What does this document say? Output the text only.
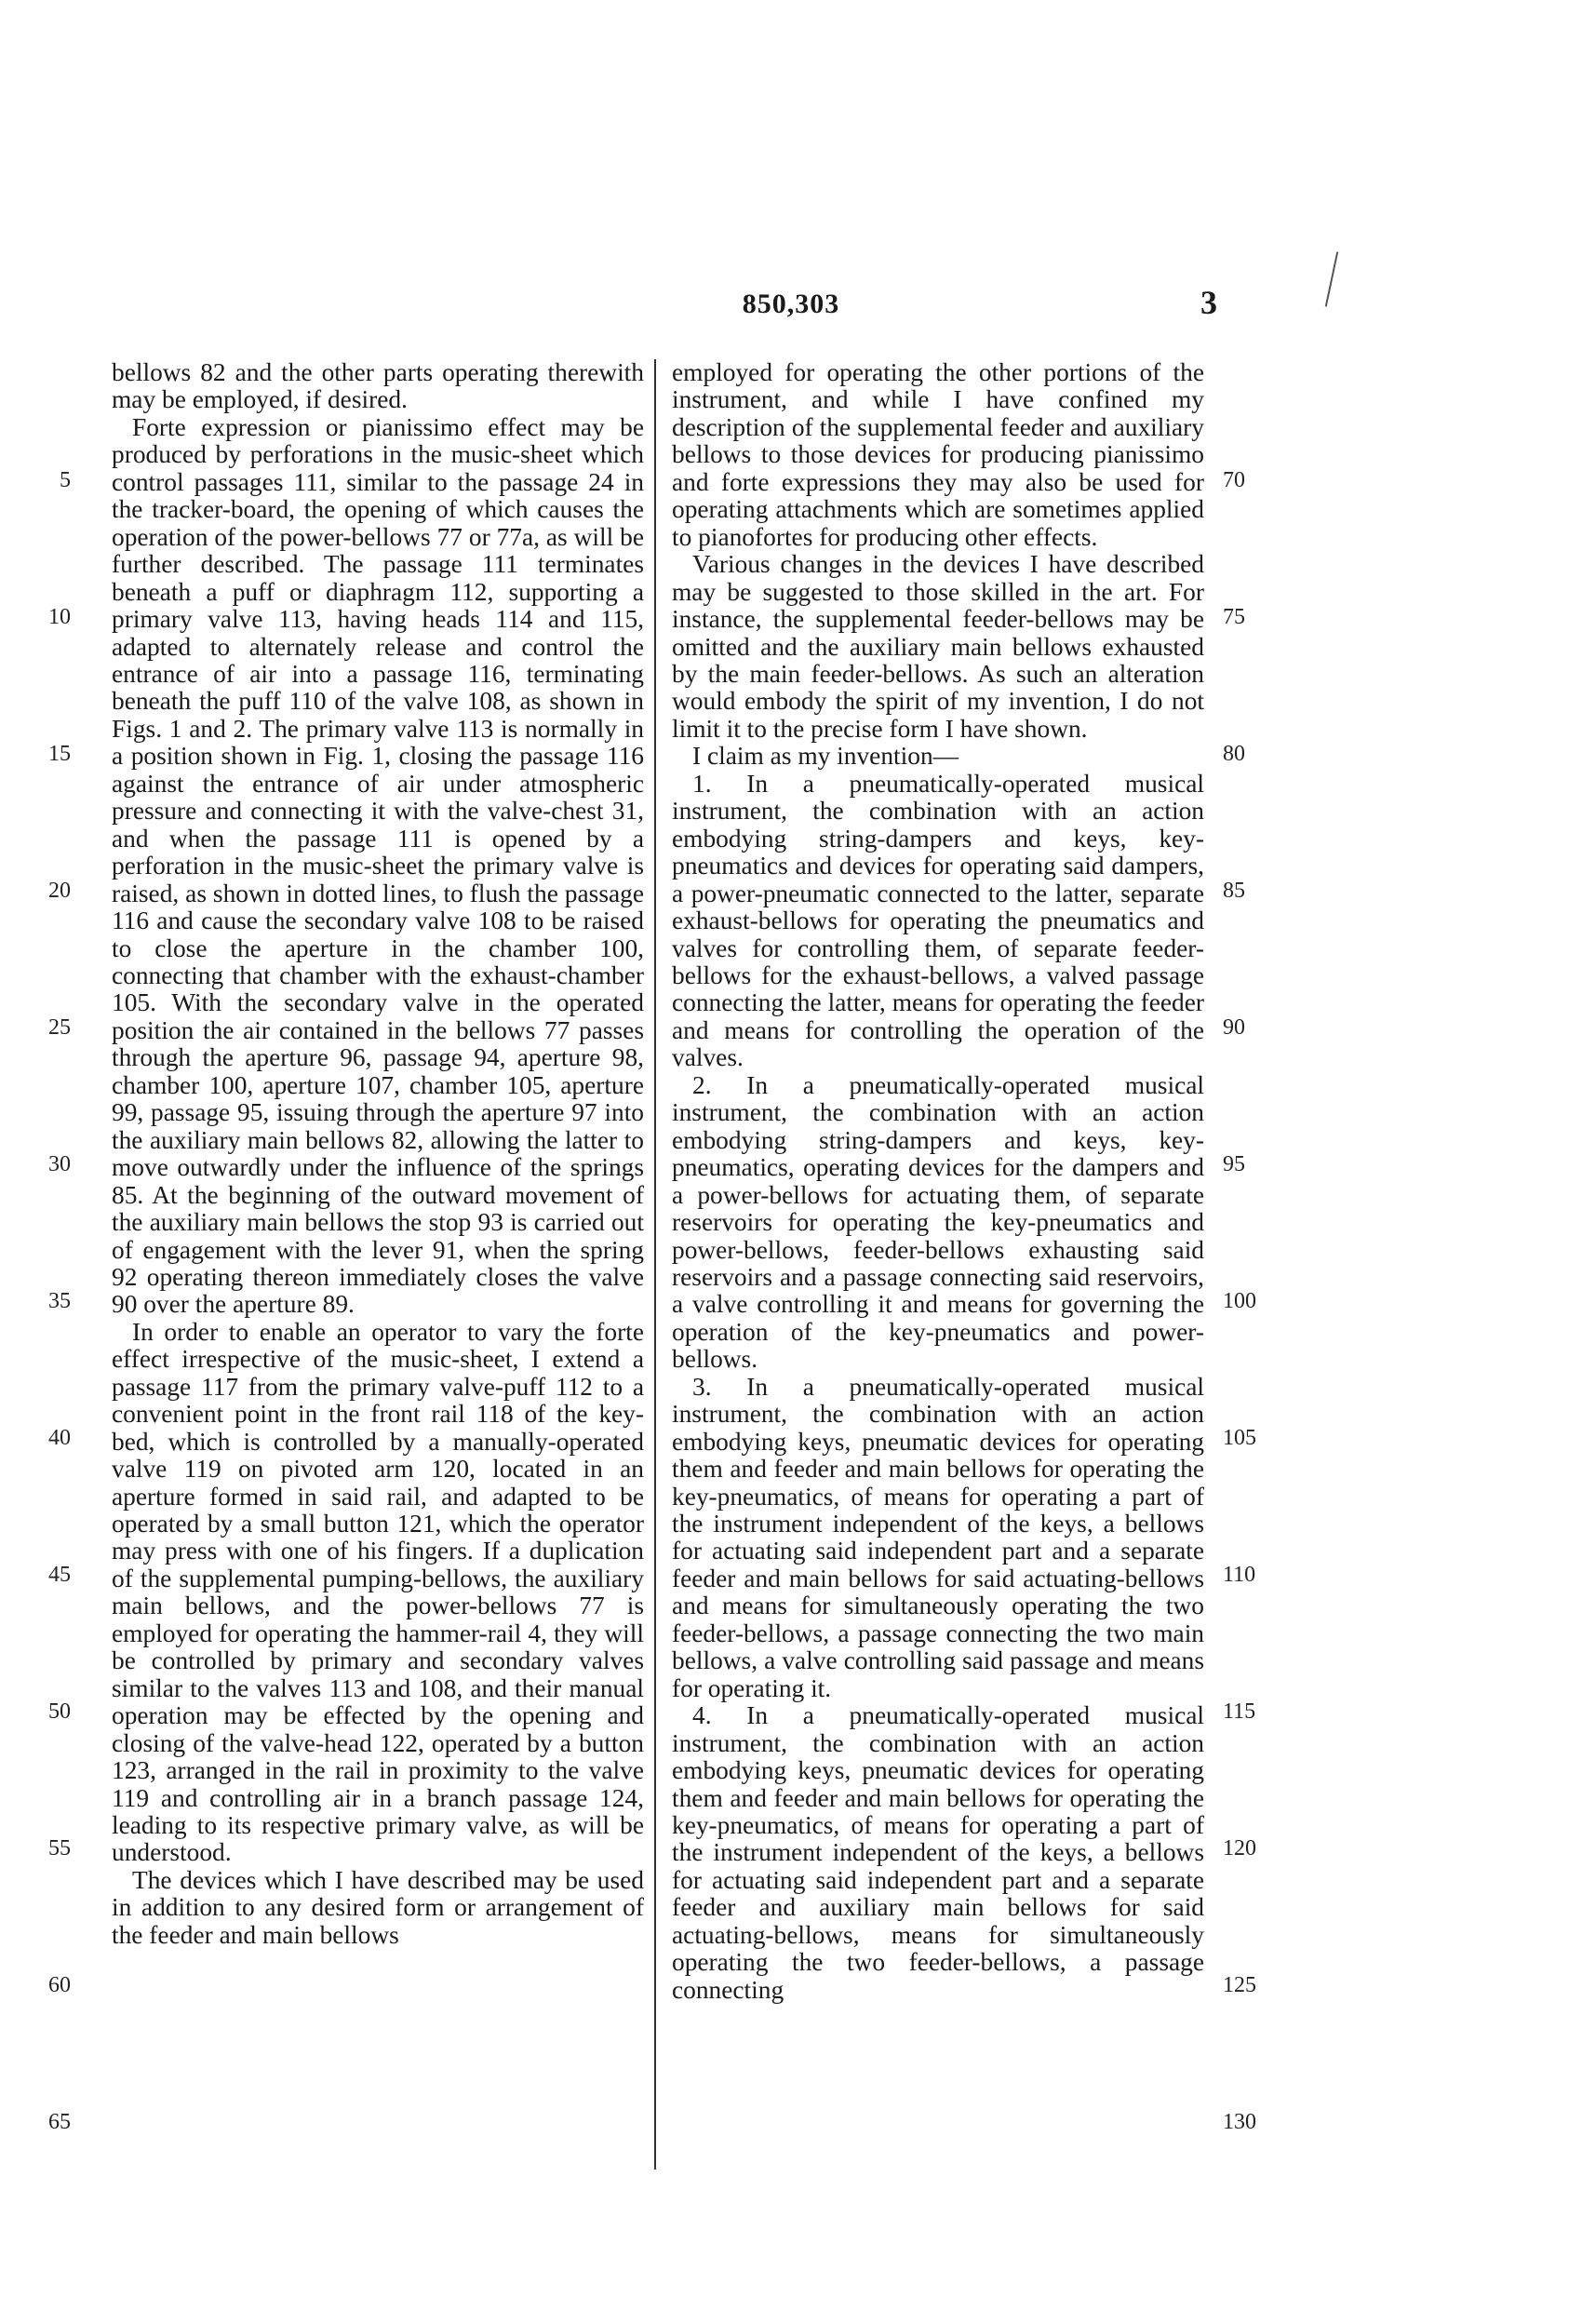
850,303	3

bellows 82 and the other parts operating therewith may be employed, if desired.

Forte expression or pianissimo effect may be produced by perforations in the music-sheet which control passages 111, similar to the passage 24 in the tracker-board, the opening of which causes the operation of the power-bellows 77 or 77a, as will be further described. The passage 111 terminates beneath a puff or diaphragm 112, supporting a primary valve 113, having heads 114 and 115, adapted to alternately release and control the entrance of air into a passage 116, terminating beneath the puff 110 of the valve 108, as shown in Figs. 1 and 2. The primary valve 113 is normally in a position shown in Fig. 1, closing the passage 116 against the entrance of air under atmospheric pressure and connecting it with the valve-chest 31, and when the passage 111 is opened by a perforation in the music-sheet the primary valve is raised, as shown in dotted lines, to flush the passage 116 and cause the secondary valve 108 to be raised to close the aperture in the chamber 100, connecting that chamber with the exhaust-chamber 105. With the secondary valve in the operated position the air contained in the bellows 77 passes through the aperture 96, passage 94, aperture 98, chamber 100, aperture 107, chamber 105, aperture 99, passage 95, issuing through the aperture 97 into the auxiliary main bellows 82, allowing the latter to move outwardly under the influence of the springs 85. At the beginning of the outward movement of the auxiliary main bellows the stop 93 is carried out of engagement with the lever 91, when the spring 92 operating thereon immediately closes the valve 90 over the aperture 89.

In order to enable an operator to vary the forte effect irrespective of the music-sheet, I extend a passage 117 from the primary valve-puff 112 to a convenient point in the front rail 118 of the key-bed, which is controlled by a manually-operated valve 119 on pivoted arm 120, located in an aperture formed in said rail, and adapted to be operated by a small button 121, which the operator may press with one of his fingers. If a duplication of the supplemental pumping-bellows, the auxiliary main bellows, and the power-bellows 77 is employed for operating the hammer-rail 4, they will be controlled by primary and secondary valves similar to the valves 113 and 108, and their manual operation may be effected by the opening and closing of the valve-head 122, operated by a button 123, arranged in the rail in proximity to the valve 119 and controlling air in a branch passage 124, leading to its respective primary valve, as will be understood.

The devices which I have described may be used in addition to any desired form or arrangement of the feeder and main bellows

employed for operating the other portions of the instrument, and while I have confined my description of the supplemental feeder and auxiliary bellows to those devices for producing pianissimo and forte expressions they may also be used for operating attachments which are sometimes applied to pianofortes for producing other effects.

Various changes in the devices I have described may be suggested to those skilled in the art. For instance, the supplemental feeder-bellows may be omitted and the auxiliary main bellows exhausted by the main feeder-bellows. As such an alteration would embody the spirit of my invention, I do not limit it to the precise form I have shown.

I claim as my invention—

1. In a pneumatically-operated musical instrument, the combination with an action embodying string-dampers and keys, key-pneumatics and devices for operating said dampers, a power-pneumatic connected to the latter, separate exhaust-bellows for operating the pneumatics and valves for controlling them, of separate feeder-bellows for the exhaust-bellows, a valved passage connecting the latter, means for operating the feeder and means for controlling the operation of the valves.

2. In a pneumatically-operated musical instrument, the combination with an action embodying string-dampers and keys, key-pneumatics, operating devices for the dampers and a power-bellows for actuating them, of separate reservoirs for operating the key-pneumatics and power-bellows, feeder-bellows exhausting said reservoirs and a passage connecting said reservoirs, a valve controlling it and means for governing the operation of the key-pneumatics and power-bellows.

3. In a pneumatically-operated musical instrument, the combination with an action embodying keys, pneumatic devices for operating them and feeder and main bellows for operating the key-pneumatics, of means for operating a part of the instrument independent of the keys, a bellows for actuating said independent part and a separate feeder and main bellows for said actuating-bellows and means for simultaneously operating the two feeder-bellows, a passage connecting the two main bellows, a valve controlling said passage and means for operating it.

4. In a pneumatically-operated musical instrument, the combination with an action embodying keys, pneumatic devices for operating them and feeder and main bellows for operating the key-pneumatics, of means for operating a part of the instrument independent of the keys, a bellows for actuating said independent part and a separate feeder and auxiliary main bellows for said actuating-bellows, means for simultaneously operating the two feeder-bellows, a passage connecting

5
10
15
20
25
30
35
40
45
50
55
60
65
70
75
80
85
90
95
100
105
110
115
120
125
130
